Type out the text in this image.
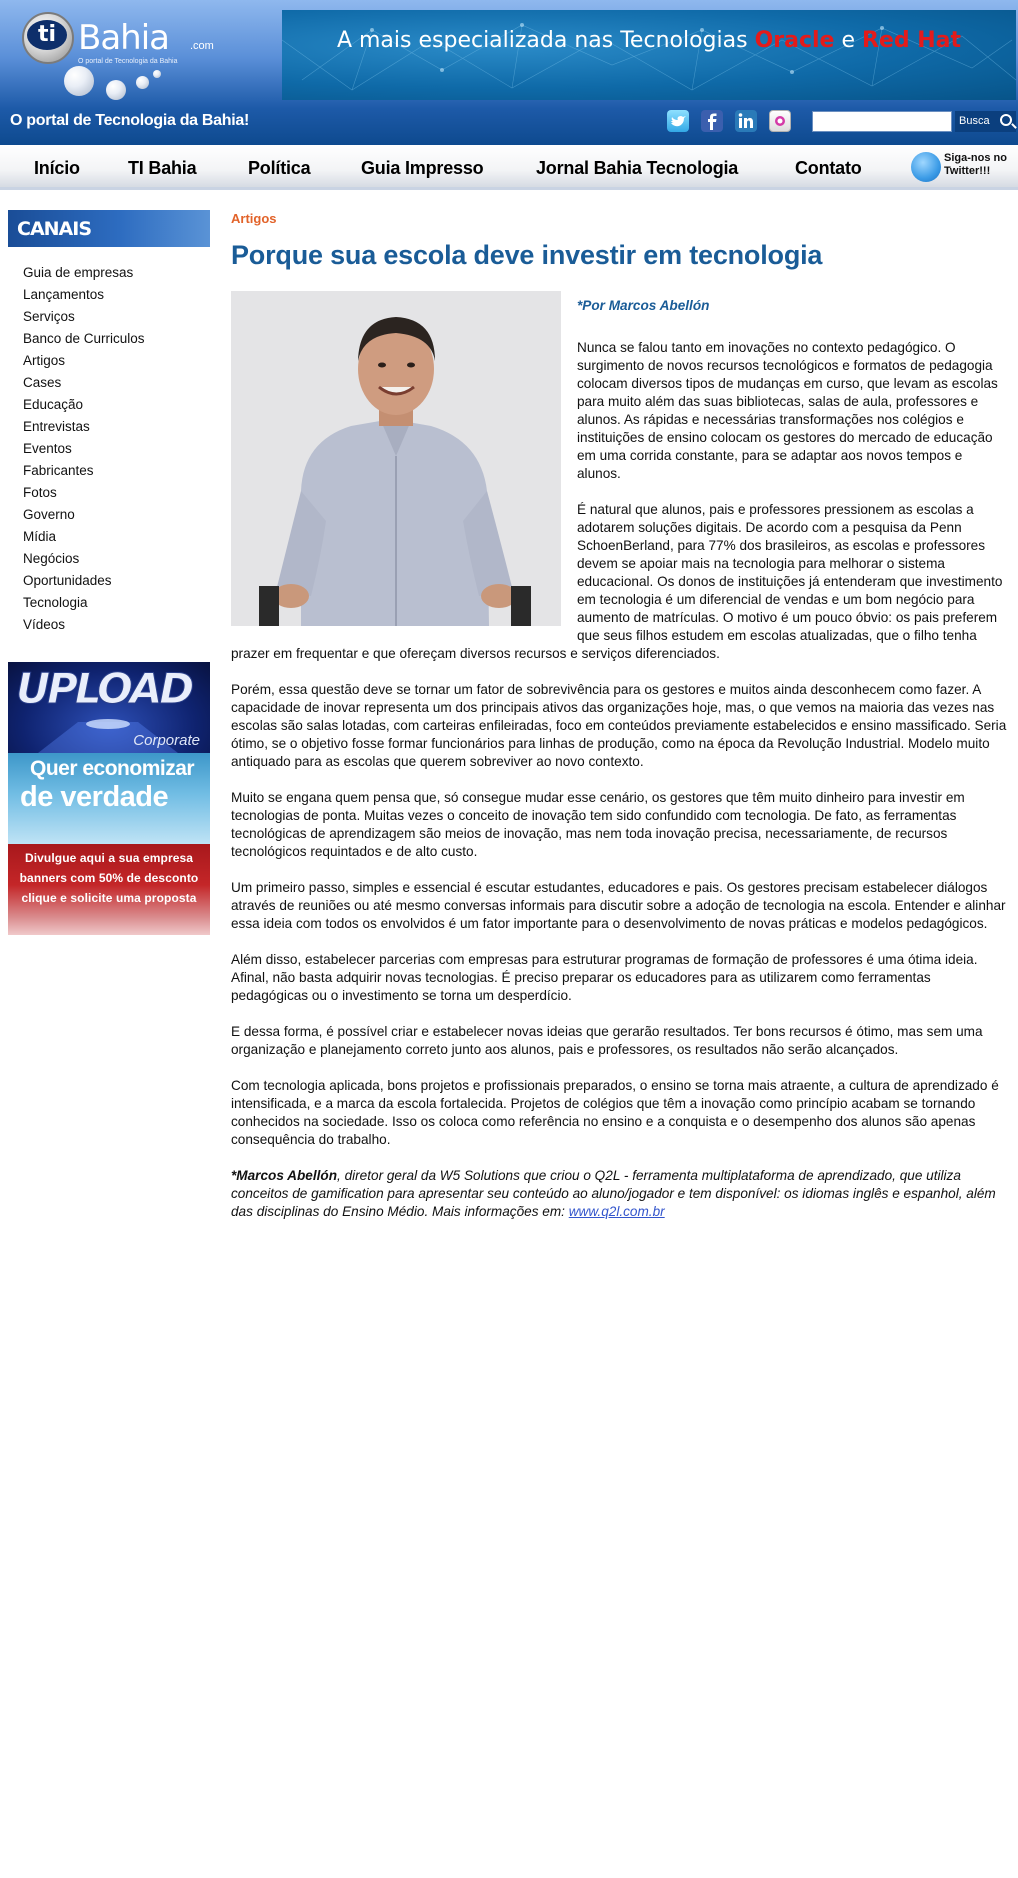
ti Bahia .com
O portal de Tecnologia da Bahia
O portal de Tecnologia da Bahia!
A mais especializada nas Tecnologias Oracle e Red Hat
Busca
Início	TI Bahia	Política	Guia Impresso	Jornal Bahia Tecnologia	Contato	Siga-nos no Twitter!!!
CANAIS
Guia de empresas
Lançamentos
Serviços
Banco de Curriculos
Artigos
Cases
Educação
Entrevistas
Eventos
Fabricantes
Fotos
Governo
Mídia
Negócios
Oportunidades
Tecnologia
Vídeos
UPLOAD
Corporate
Quer economizar
de verdade
Divulgue aqui a sua empresa
banners com 50% de desconto
clique e solicite uma proposta
Artigos
Porque sua escola deve investir em tecnologia

*Por Marcos Abellón

Nunca se falou tanto em inovações no contexto pedagógico. O surgimento de novos recursos tecnológicos e formatos de pedagogia colocam diversos tipos de mudanças em curso, que levam as escolas para muito além das suas bibliotecas, salas de aula, professores e alunos. As rápidas e necessárias transformações nos colégios e instituições de ensino colocam os gestores do mercado de educação em uma corrida constante, para se adaptar aos novos tempos e alunos.

É natural que alunos, pais e professores pressionem as escolas a adotarem soluções digitais. De acordo com a pesquisa da Penn SchoenBerland, para 77% dos brasileiros, as escolas e professores devem se apoiar mais na tecnologia para melhorar o sistema educacional. Os donos de instituições já entenderam que investimento em tecnologia é um diferencial de vendas e um bom negócio para aumento de matrículas. O motivo é um pouco óbvio: os pais preferem que seus filhos estudem em escolas atualizadas, que o filho tenha prazer em frequentar e que ofereçam diversos recursos e serviços diferenciados.

Porém, essa questão deve se tornar um fator de sobrevivência para os gestores e muitos ainda desconhecem como fazer. A capacidade de inovar representa um dos principais ativos das organizações hoje, mas, o que vemos na maioria das vezes nas escolas são salas lotadas, com carteiras enfileiradas, foco em conteúdos previamente estabelecidos e ensino massificado. Seria ótimo, se o objetivo fosse formar funcionários para linhas de produção, como na época da Revolução Industrial. Modelo muito antiquado para as escolas que querem sobreviver ao novo contexto.

Muito se engana quem pensa que, só consegue mudar esse cenário, os gestores que têm muito dinheiro para investir em tecnologias de ponta. Muitas vezes o conceito de inovação tem sido confundido com tecnologia. De fato, as ferramentas tecnológicas de aprendizagem são meios de inovação, mas nem toda inovação precisa, necessariamente, de recursos tecnológicos requintados e de alto custo.

Um primeiro passo, simples e essencial é escutar estudantes, educadores e pais. Os gestores precisam estabelecer diálogos através de reuniões ou até mesmo conversas informais para discutir sobre a adoção de tecnologia na escola. Entender e alinhar essa ideia com todos os envolvidos é um fator importante para o desenvolvimento de novas práticas e modelos pedagógicos.

Além disso, estabelecer parcerias com empresas para estruturar programas de formação de professores é uma ótima ideia. Afinal, não basta adquirir novas tecnologias. É preciso preparar os educadores para as utilizarem como ferramentas pedagógicas ou o investimento se torna um desperdício.

E dessa forma, é possível criar e estabelecer novas ideias que gerarão resultados. Ter bons recursos é ótimo, mas sem uma organização e planejamento correto junto aos alunos, pais e professores, os resultados não serão alcançados.

Com tecnologia aplicada, bons projetos e profissionais preparados, o ensino se torna mais atraente, a cultura de aprendizado é intensificada, e a marca da escola fortalecida. Projetos de colégios que têm a inovação como princípio acabam se tornando conhecidos na sociedade. Isso os coloca como referência no ensino e a conquista e o desempenho dos alunos são apenas consequência do trabalho.

*Marcos Abellón, diretor geral da W5 Solutions que criou o Q2L - ferramenta multiplataforma de aprendizado, que utiliza conceitos de gamification para apresentar seu conteúdo ao aluno/jogador e tem disponível: os idiomas inglês e espanhol, além das disciplinas do Ensino Médio. Mais informações em: www.q2l.com.br
